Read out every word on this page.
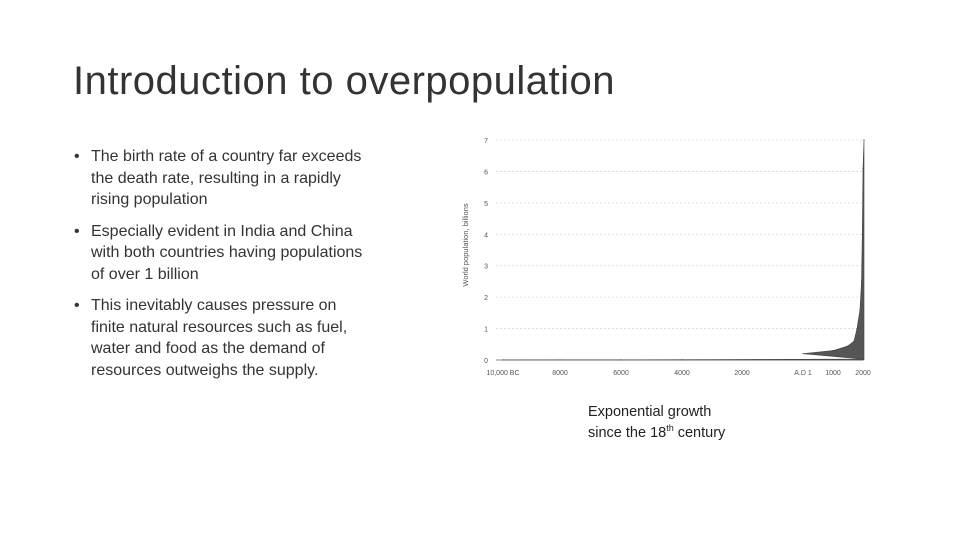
Introduction to overpopulation
• The birth rate of a country far exceeds the death rate, resulting in a rapidly rising population
• Especially evident in India and China with both countries having populations of over 1 billion
• This inevitably causes pressure on finite natural resources such as fuel, water and food as the demand of resources outweighs the supply.	0
1
2
3
4
5
6
7
10,000 BC	8000	6000	4000	2000	A.D 1 1000 2000
World population, billions
Exponential growth
since the 18th century
